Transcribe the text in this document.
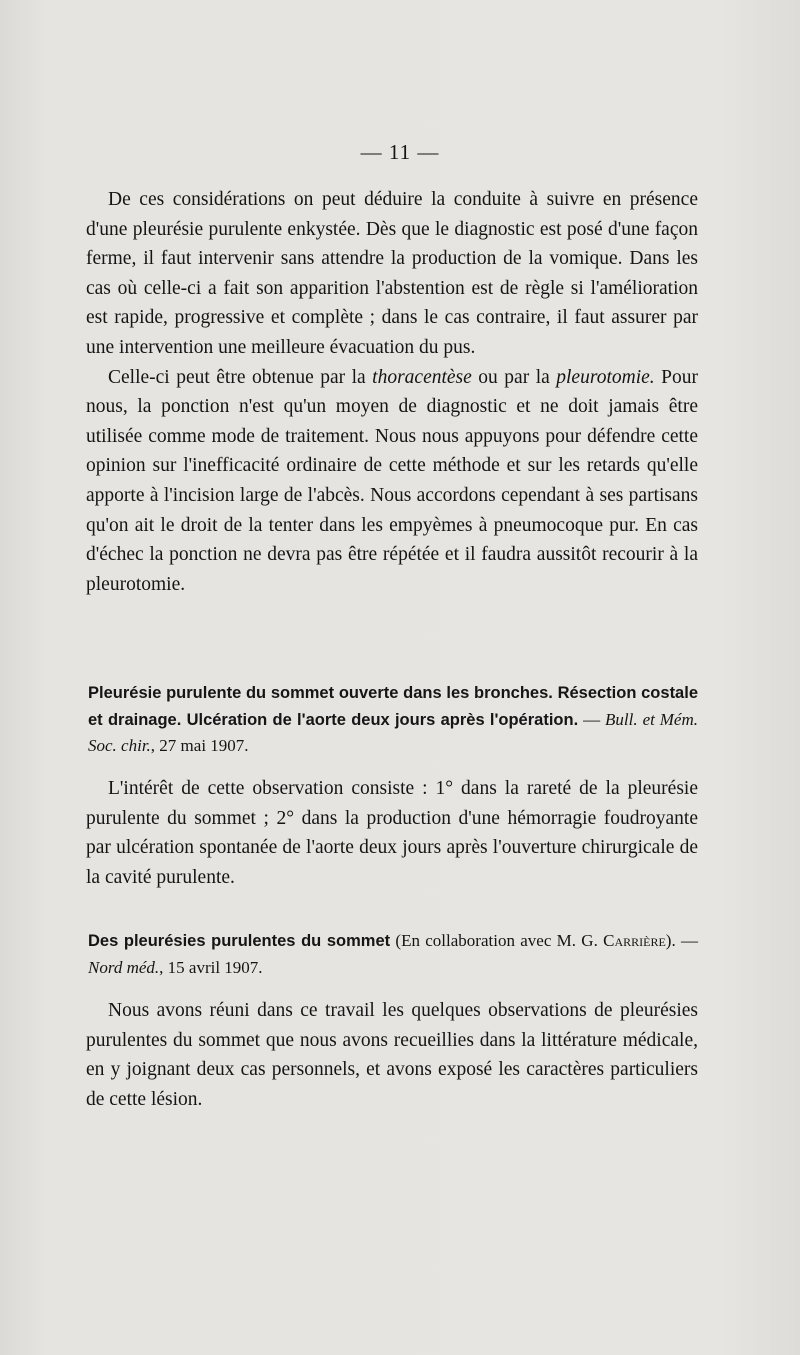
— 11 —

De ces considérations on peut déduire la conduite à suivre en présence d'une pleurésie purulente enkystée. Dès que le diagnostic est posé d'une façon ferme, il faut intervenir sans attendre la production de la vomique. Dans les cas où celle-ci a fait son apparition l'abstention est de règle si l'amélioration est rapide, progressive et complète ; dans le cas contraire, il faut assurer par une intervention une meilleure évacuation du pus.

Celle-ci peut être obtenue par la thoracentèse ou par la pleurotomie. Pour nous, la ponction n'est qu'un moyen de diagnostic et ne doit jamais être utilisée comme mode de traitement. Nous nous appuyons pour défendre cette opinion sur l'inefficacité ordinaire de cette méthode et sur les retards qu'elle apporte à l'incision large de l'abcès. Nous accordons cependant à ses partisans qu'on ait le droit de la tenter dans les empyèmes à pneumocoque pur. En cas d'échec la ponction ne devra pas être répétée et il faudra aussitôt recourir à la pleurotomie.

Pleurésie purulente du sommet ouverte dans les bronches. Résection costale et drainage. Ulcération de l'aorte deux jours après l'opération. — Bull. et Mém. Soc. chir., 27 mai 1907.

L'intérêt de cette observation consiste : 1° dans la rareté de la pleurésie purulente du sommet ; 2° dans la production d'une hémorragie foudroyante par ulcération spontanée de l'aorte deux jours après l'ouverture chirurgicale de la cavité purulente.

Des pleurésies purulentes du sommet (En collaboration avec M. G. Carrière). — Nord méd., 15 avril 1907.

Nous avons réuni dans ce travail les quelques observations de pleurésies purulentes du sommet que nous avons recueillies dans la littérature médicale, en y joignant deux cas personnels, et avons exposé les caractères particuliers de cette lésion.
